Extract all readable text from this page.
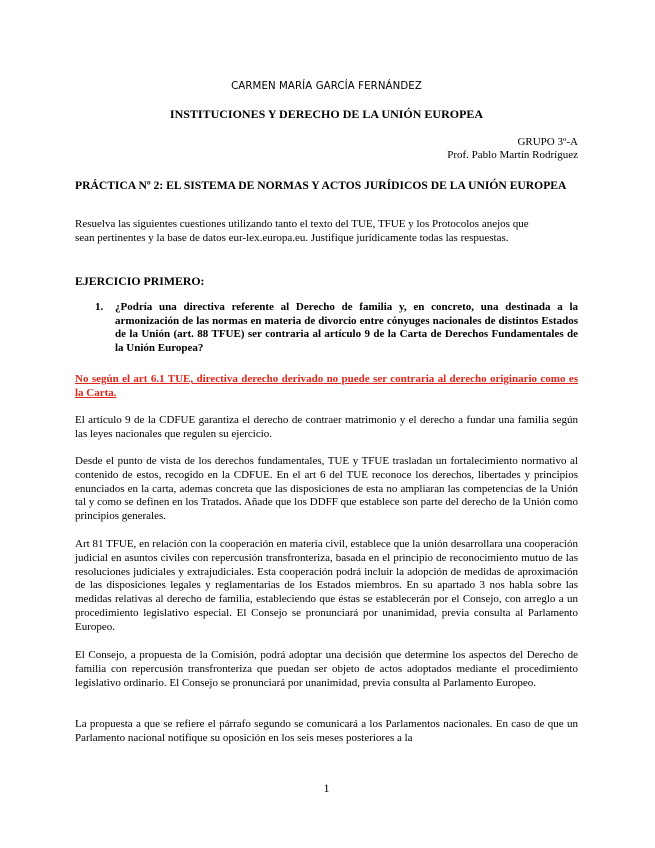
CARMEN MARÍA GARCÍA FERNÁNDEZ
INSTITUCIONES Y DERECHO DE LA UNIÓN EUROPEA
GRUPO 3º-A
Prof. Pablo Martín Rodríguez
PRÁCTICA Nº 2: EL SISTEMA DE NORMAS Y ACTOS JURÍDICOS DE LA UNIÓN EUROPEA
Resuelva las siguientes cuestiones utilizando tanto el texto del TUE, TFUE y los Protocolos anejos que sean pertinentes y la base de datos eur-lex.europa.eu. Justifique jurídicamente todas las respuestas.
EJERCICIO PRIMERO:
1. ¿Podría una directiva referente al Derecho de familia y, en concreto, una destinada a la armonización de las normas en materia de divorcio entre cónyuges nacionales de distintos Estados de la Unión (art. 88 TFUE) ser contraria al artículo 9 de la Carta de Derechos Fundamentales de la Unión Europea?
No según el art 6.1 TUE, directiva derecho derivado no puede ser contraria al derecho originario como es la Carta.
El artículo 9 de la CDFUE garantiza el derecho de contraer matrimonio y el derecho a fundar una familia según las leyes nacionales que regulen su ejercicio.
Desde el punto de vista de los derechos fundamentales, TUE y TFUE trasladan un fortalecimiento normativo al contenido de estos, recogido en la CDFUE. En el art 6 del TUE reconoce los derechos, libertades y principios enunciados en la carta, ademas concreta que las disposiciones de esta no ampliaran las competencias de la Unión tal y como se definen en los Tratados. Añade que los DDFF que establece son parte del derecho de la Unión como principios generales.
Art 81 TFUE, en relación con la cooperación en materia civil, establece que la unión desarrollara una cooperación judicial en asuntos civiles con repercusión transfronteriza, basada en el principio de reconocimiento mutuo de las resoluciones judiciales y extrajudiciales. Esta cooperación podrá incluir la adopción de medidas de aproximación de las disposiciones legales y reglamentarias de los Estados miembros. En su apartado 3 nos habla sobre las medidas relativas al derecho de familia, estableciendo que éstas se establecerán por el Consejo, con arreglo a un procedimiento legislativo especial. El Consejo se pronunciará por unanimidad, previa consulta al Parlamento Europeo.
El Consejo, a propuesta de la Comisión, podrá adoptar una decisión que determine los aspectos del Derecho de familia con repercusión transfronteriza que puedan ser objeto de actos adoptados mediante el procedimiento legislativo ordinario. El Consejo se pronunciará por unanimidad, previa consulta al Parlamento Europeo.
La propuesta a que se refiere el párrafo segundo se comunicará a los Parlamentos nacionales. En caso de que un Parlamento nacional notifique su oposición en los seis meses posteriores a la
1
